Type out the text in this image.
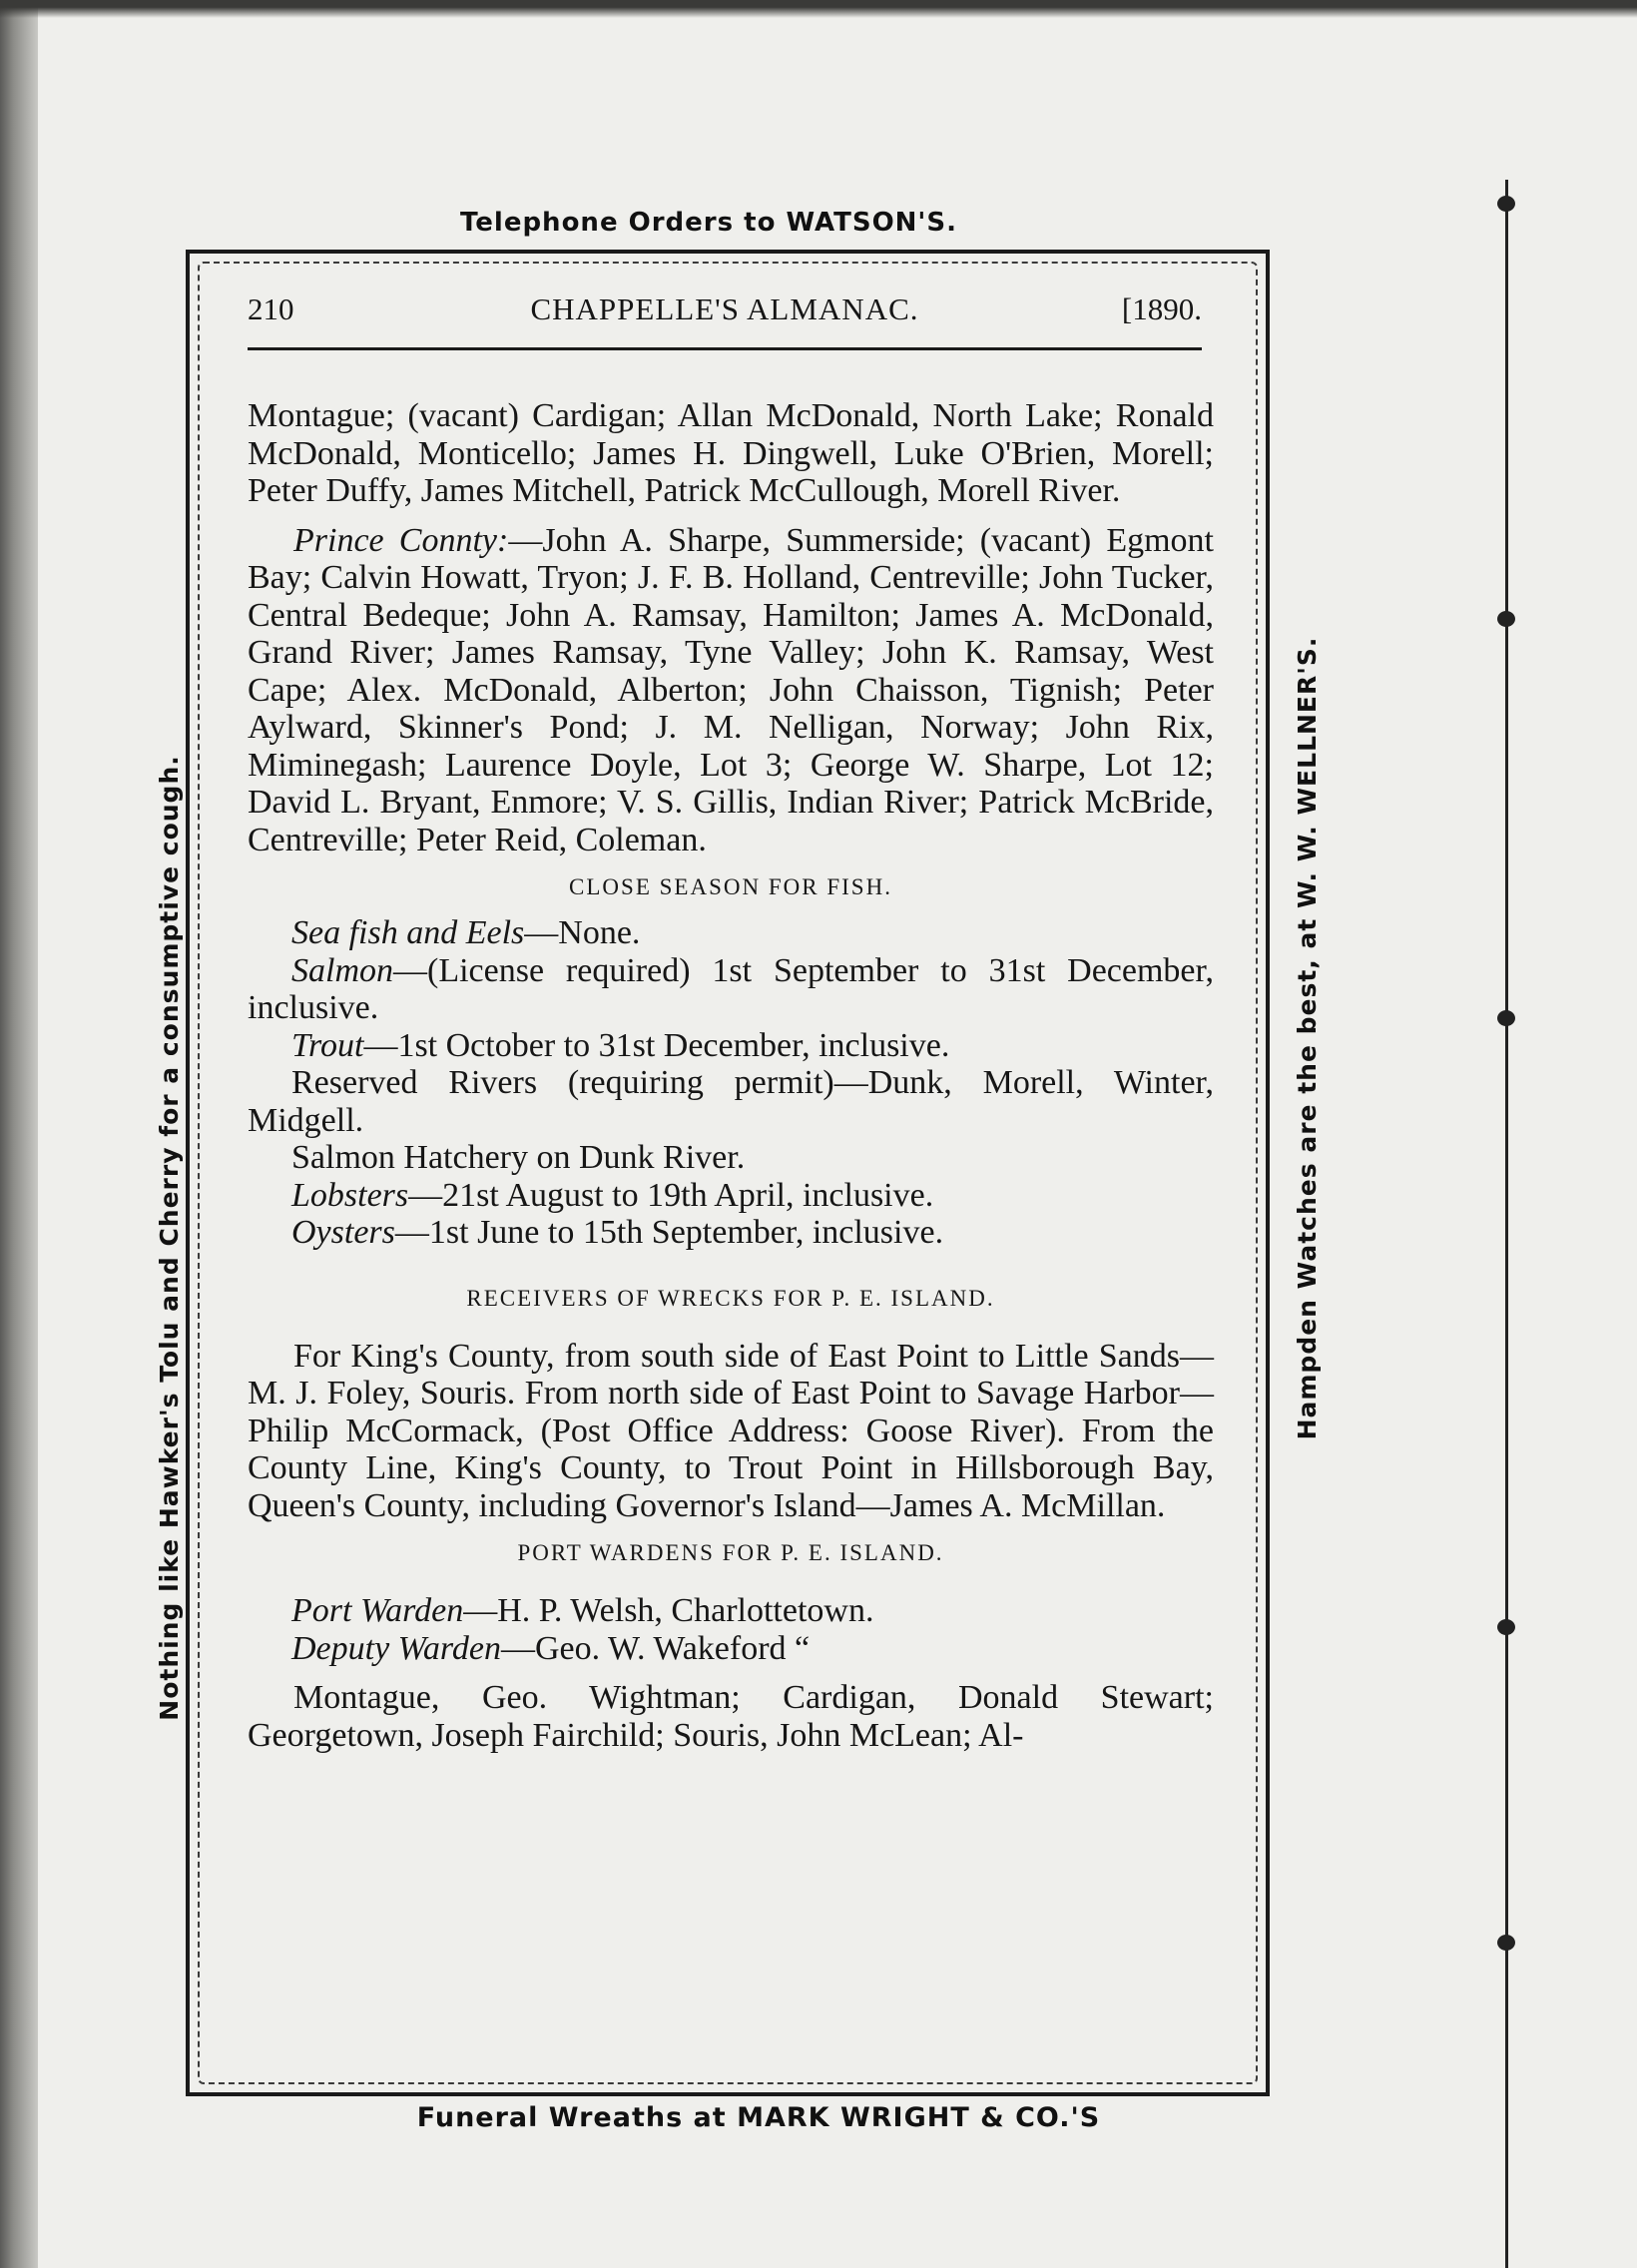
Telephone Orders to WATSON'S.
Nothing like Hawker's Tolu and Cherry for a consumptive cough.	Hampden Watches are the best, at W. W. WELLNER'S.
Funeral Wreaths at MARK WRIGHT & CO.'S
CHAPPELLE'S ALMANAC.
210	[1890.

Montague; (vacant) Cardigan; Allan McDonald, North Lake; Ronald McDonald, Monticello; James H. Dingwell, Luke O'Brien, Morell; Peter Duffy, James Mitchell, Patrick McCullough, Morell River.

Prince Connty:—John A. Sharpe, Summerside; (vacant) Egmont Bay; Calvin Howatt, Tryon; J. F. B. Holland, Centreville; John Tucker, Central Bedeque; John A. Ramsay, Hamilton; James A. McDonald, Grand River; James Ramsay, Tyne Valley; John K. Ramsay, West Cape; Alex. McDonald, Alberton; John Chaisson, Tignish; Peter Aylward, Skinner's Pond; J. M. Nelligan, Norway; John Rix, Miminegash; Laurence Doyle, Lot 3; George W. Sharpe, Lot 12; David L. Bryant, Enmore; V. S. Gillis, Indian River; Patrick McBride, Centreville; Peter Reid, Coleman.

CLOSE SEASON FOR FISH.

Sea fish and Eels—None.

Salmon—(License required) 1st September to 31st December, inclusive.

Trout—1st October to 31st December, inclusive.

Reserved Rivers (requiring permit)—Dunk, Morell, Winter, Midgell.

Salmon Hatchery on Dunk River.

Lobsters—21st August to 19th April, inclusive.

Oysters—1st June to 15th September, inclusive.

RECEIVERS OF WRECKS FOR P. E. ISLAND.

For King's County, from south side of East Point to Little Sands—M. J. Foley, Souris. From north side of East Point to Savage Harbor—Philip McCormack, (Post Office Address: Goose River). From the County Line, King's County, to Trout Point in Hillsborough Bay, Queen's County, including Governor's Island—James A. McMillan.

PORT WARDENS FOR P. E. ISLAND.

Port Warden—H. P. Welsh, Charlottetown.

Deputy Warden—Geo. W. Wakeford “

Montague, Geo. Wightman; Cardigan, Donald Stewart; Georgetown, Joseph Fairchild; Souris, John McLean; Al-
